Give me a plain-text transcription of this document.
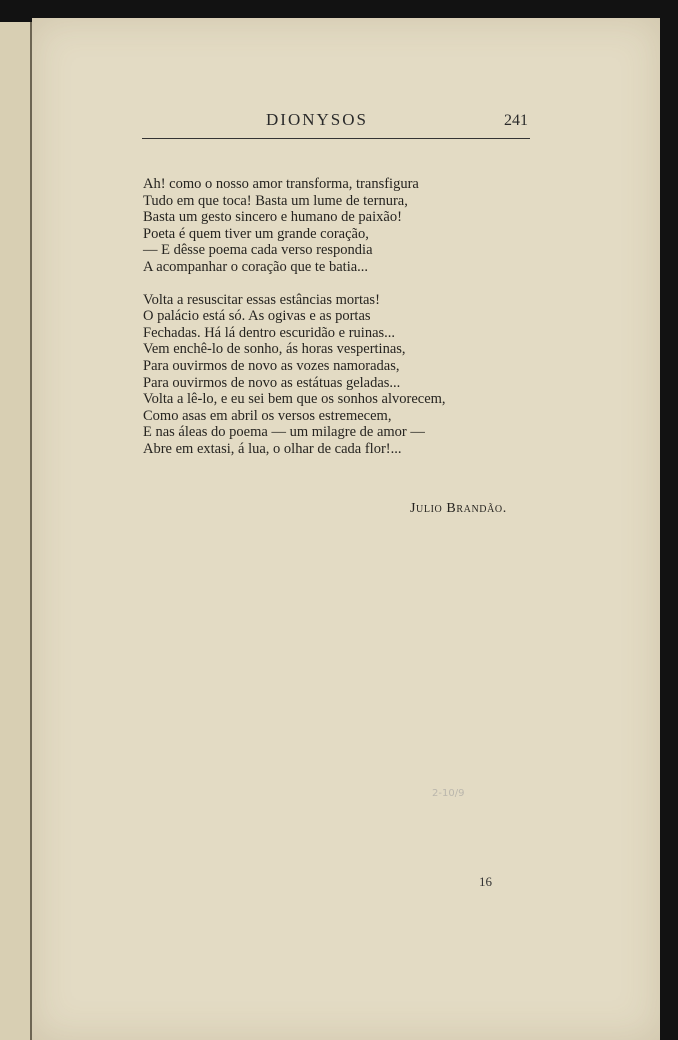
DIONYSOS	241
Ah! como o nosso amor transforma, transfigura
Tudo em que toca! Basta um lume de ternura,
Basta um gesto sincero e humano de paixão!
Poeta é quem tiver um grande coração,
— E dêsse poema cada verso respondia
A acompanhar o coração que te batia...
Volta a resuscitar essas estâncias mortas!
O palácio está só. As ogivas e as portas
Fechadas. Há lá dentro escuridão e ruinas...
Vem enchê-lo de sonho, ás horas vespertinas,
Para ouvirmos de novo as vozes namoradas,
Para ouvirmos de novo as estátuas geladas...
Volta a lê-lo, e eu sei bem que os sonhos alvorecem,
Como asas em abril os versos estremecem,
E nas áleas do poema — um milagre de amor —
Abre em extasi, á lua, o olhar de cada flor!...
Julio Brandão.
2-10/9
16
